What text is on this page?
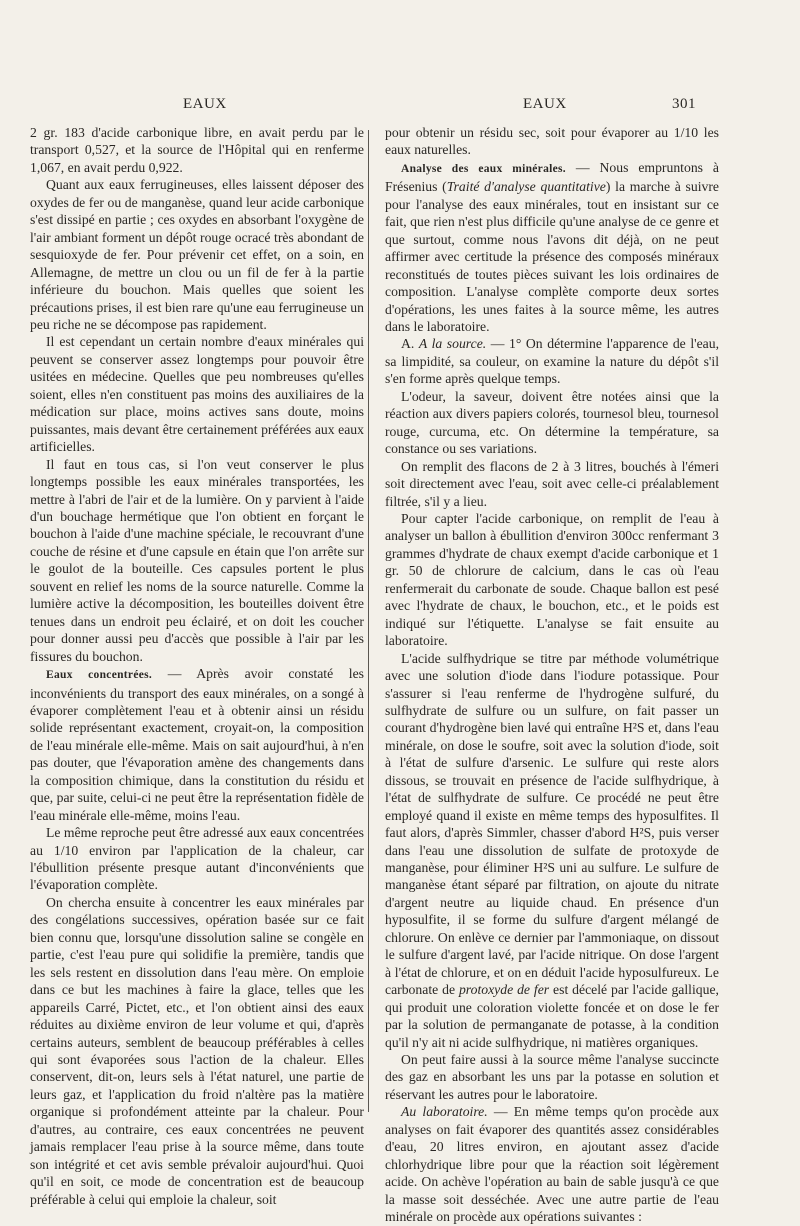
EAUX	EAUX	301

2 gr. 183 d'acide carbonique libre, en avait perdu par le transport 0,527, et la source de l'Hôpital qui en renferme 1,067, en avait perdu 0,922.

Quant aux eaux ferrugineuses, elles laissent déposer des oxydes de fer ou de manganèse, quand leur acide carbonique s'est dissipé en partie ; ces oxydes en absorbant l'oxygène de l'air ambiant forment un dépôt rouge ocracé très abondant de sesquioxyde de fer. Pour prévenir cet effet, on a soin, en Allemagne, de mettre un clou ou un fil de fer à la partie inférieure du bouchon. Mais quelles que soient les précautions prises, il est bien rare qu'une eau ferrugineuse un peu riche ne se décompose pas rapidement.

Il est cependant un certain nombre d'eaux minérales qui peuvent se conserver assez longtemps pour pouvoir être usitées en médecine. Quelles que peu nombreuses qu'elles soient, elles n'en constituent pas moins des auxiliaires de la médication sur place, moins actives sans doute, moins puissantes, mais devant être certainement préférées aux eaux artificielles.

Il faut en tous cas, si l'on veut conserver le plus longtemps possible les eaux minérales transportées, les mettre à l'abri de l'air et de la lumière. On y parvient à l'aide d'un bouchage hermétique que l'on obtient en forçant le bouchon à l'aide d'une machine spéciale, le recouvrant d'une couche de résine et d'une capsule en étain que l'on arrête sur le goulot de la bouteille. Ces capsules portent le plus souvent en relief les noms de la source naturelle. Comme la lumière active la décomposition, les bouteilles doivent être tenues dans un endroit peu éclairé, et on doit les coucher pour donner aussi peu d'accès que possible à l'air par les fissures du bouchon.

Eaux concentrées. — Après avoir constaté les inconvénients du transport des eaux minérales, on a songé à évaporer complètement l'eau et à obtenir ainsi un résidu solide représentant exactement, croyait-on, la composition de l'eau minérale elle-même. Mais on sait aujourd'hui, à n'en pas douter, que l'évaporation amène des changements dans la composition chimique, dans la constitution du résidu et que, par suite, celui-ci ne peut être la représentation fidèle de l'eau minérale elle-même, moins l'eau.

Le même reproche peut être adressé aux eaux concentrées au 1/10 environ par l'application de la chaleur, car l'ébullition présente presque autant d'inconvénients que l'évaporation complète.

On chercha ensuite à concentrer les eaux minérales par des congélations successives, opération basée sur ce fait bien connu que, lorsqu'une dissolution saline se congèle en partie, c'est l'eau pure qui solidifie la première, tandis que les sels restent en dissolution dans l'eau mère. On emploie dans ce but les machines à faire la glace, telles que les appareils Carré, Pictet, etc., et l'on obtient ainsi des eaux réduites au dixième environ de leur volume et qui, d'après certains auteurs, semblent de beaucoup préférables à celles qui sont évaporées sous l'action de la chaleur. Elles conservent, dit-on, leurs sels à l'état naturel, une partie de leurs gaz, et l'application du froid n'altère pas la matière organique si profondément atteinte par la chaleur. Pour d'autres, au contraire, ces eaux concentrées ne peuvent jamais remplacer l'eau prise à la source même, dans toute son intégrité et cet avis semble prévaloir aujourd'hui. Quoi qu'il en soit, ce mode de concentration est de beaucoup préférable à celui qui emploie la chaleur, soit

pour obtenir un résidu sec, soit pour évaporer au 1/10 les eaux naturelles.

Analyse des eaux minérales. — Nous empruntons à Frésenius (Traité d'analyse quantitative) la marche à suivre pour l'analyse des eaux minérales, tout en insistant sur ce fait, que rien n'est plus difficile qu'une analyse de ce genre et que surtout, comme nous l'avons dit déjà, on ne peut affirmer avec certitude la présence des composés minéraux reconstitués de toutes pièces suivant les lois ordinaires de composition. L'analyse complète comporte deux sortes d'opérations, les unes faites à la source même, les autres dans le laboratoire.

A. A la source. — 1° On détermine l'apparence de l'eau, sa limpidité, sa couleur, on examine la nature du dépôt s'il s'en forme après quelque temps.

L'odeur, la saveur, doivent être notées ainsi que la réaction aux divers papiers colorés, tournesol bleu, tournesol rouge, curcuma, etc. On détermine la température, sa constance ou ses variations.

On remplit des flacons de 2 à 3 litres, bouchés à l'émeri soit directement avec l'eau, soit avec celle-ci préalablement filtrée, s'il y a lieu.

Pour capter l'acide carbonique, on remplit de l'eau à analyser un ballon à ébullition d'environ 300cc renfermant 3 grammes d'hydrate de chaux exempt d'acide carbonique et 1 gr. 50 de chlorure de calcium, dans le cas où l'eau renfermerait du carbonate de soude. Chaque ballon est pesé avec l'hydrate de chaux, le bouchon, etc., et le poids est indiqué sur l'étiquette. L'analyse se fait ensuite au laboratoire.

L'acide sulfhydrique se titre par méthode volumétrique avec une solution d'iode dans l'iodure potassique. Pour s'assurer si l'eau renferme de l'hydrogène sulfuré, du sulfhydrate de sulfure ou un sulfure, on fait passer un courant d'hydrogène bien lavé qui entraîne H²S et, dans l'eau minérale, on dose le soufre, soit avec la solution d'iode, soit à l'état de sulfure d'arsenic. Le sulfure qui reste alors dissous, se trouvait en présence de l'acide sulfhydrique, à l'état de sulfhydrate de sulfure. Ce procédé ne peut être employé quand il existe en même temps des hyposulfites. Il faut alors, d'après Simmler, chasser d'abord H²S, puis verser dans l'eau une dissolution de sulfate de protoxyde de manganèse, pour éliminer H²S uni au sulfure. Le sulfure de manganèse étant séparé par filtration, on ajoute du nitrate d'argent neutre au liquide chaud. En présence d'un hyposulfite, il se forme du sulfure d'argent mélangé de chlorure. On enlève ce dernier par l'ammoniaque, on dissout le sulfure d'argent lavé, par l'acide nitrique. On dose l'argent à l'état de chlorure, et on en déduit l'acide hyposulfureux. Le carbonate de protoxyde de fer est décelé par l'acide gallique, qui produit une coloration violette foncée et on dose le fer par la solution de permanganate de potasse, à la condition qu'il n'y ait ni acide sulfhydrique, ni matières organiques.

On peut faire aussi à la source même l'analyse succincte des gaz en absorbant les uns par la potasse en solution et réservant les autres pour le laboratoire.

Au laboratoire. — En même temps qu'on procède aux analyses on fait évaporer des quantités assez considérables d'eau, 20 litres environ, en ajoutant assez d'acide chlorhydrique libre pour que la réaction soit légèrement acide. On achève l'opération au bain de sable jusqu'à ce que la masse soit desséchée. Avec une autre partie de l'eau minérale on procède aux opérations suivantes :
